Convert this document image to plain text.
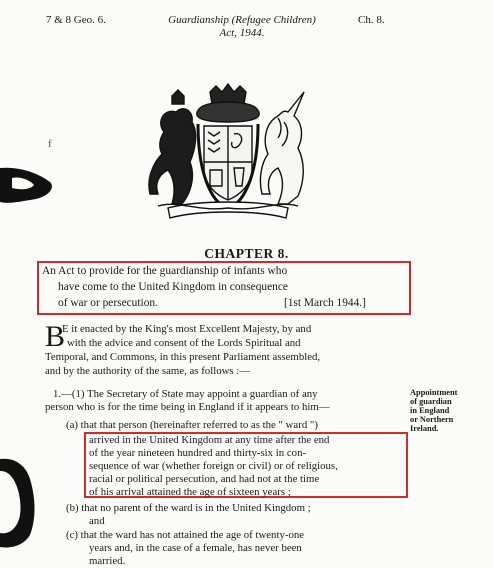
7 & 8 Geo. 6.	Guardianship (Refugee Children)
Act, 1944.
Ch. 8.
f
CHAPTER 8.
An Act to provide for the guardianship of infants who
have come to the United Kingdom in consequence
of war or persecution.	[1st March 1944.]
B
E it enacted by the King's most Excellent Majesty, by and
with the advice and consent of the Lords Spiritual and
Temporal, and Commons, in this present Parliament assembled,
and by the authority of the same, as follows :—
1.—(1) The Secretary of State may appoint a guardian of any
person who is for the time being in England if it appears to him—
(a) that that person (hereinafter referred to as the " ward ")
arrived in the United Kingdom at any time after the end
of the year nineteen hundred and thirty-six in con-
sequence of war (whether foreign or civil) or of religious,
racial or political persecution, and had not at the time
of his arrival attained the age of sixteen years ;
(b) that no parent of the ward is in the United Kingdom ;
and
(c) that the ward has not attained the age of twenty-one
years and, in the case of a female, has never been
married.
Appointment
of guardian
in England
or Northern
Ireland.
